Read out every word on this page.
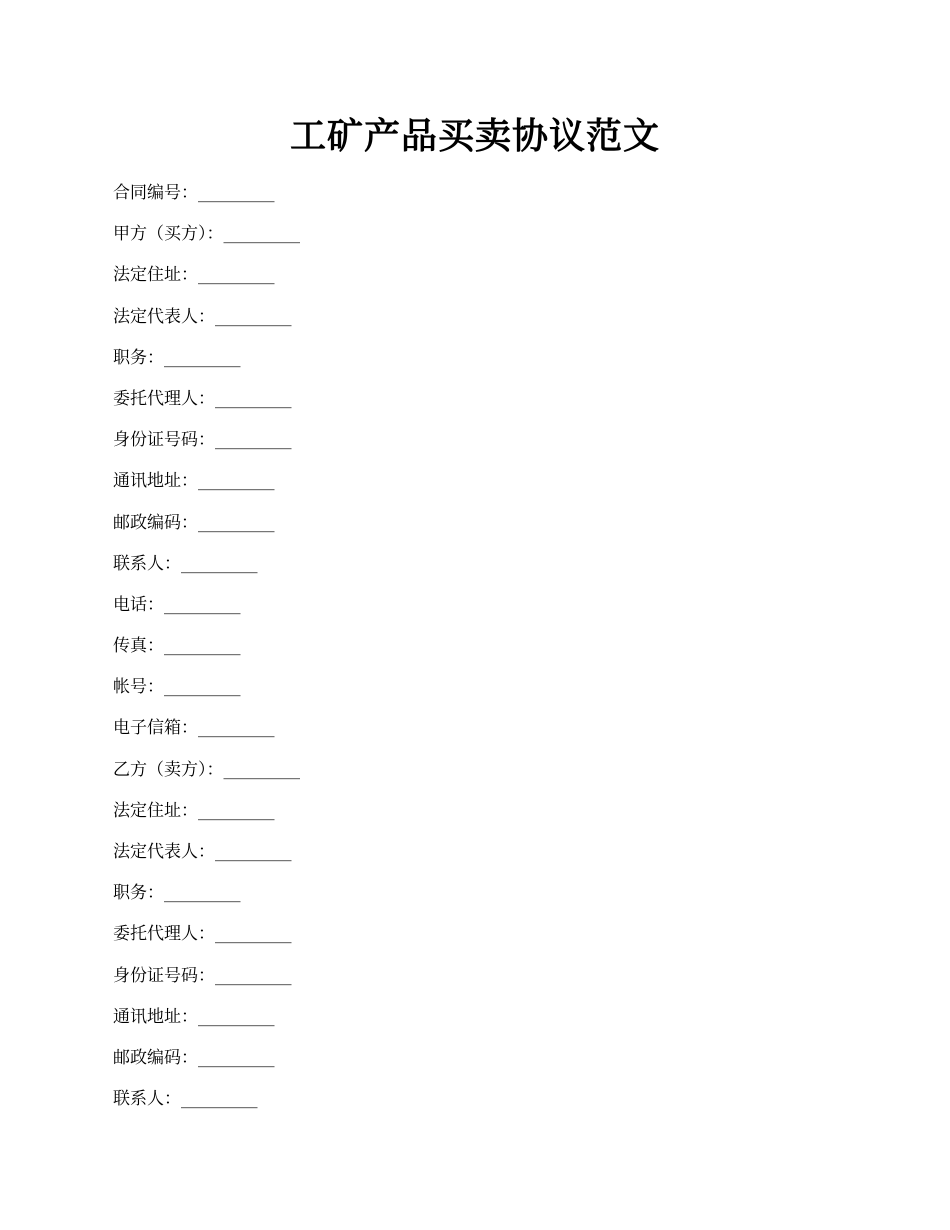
工矿产品买卖协议范文
合同编号：_________
甲方（买方）：_________
法定住址：_________
法定代表人：_________
职务：_________
委托代理人：_________
身份证号码：_________
通讯地址：_________
邮政编码：_________
联系人：_________
电话：_________
传真：_________
帐号：_________
电子信箱：_________
乙方（卖方）：_________
法定住址：_________
法定代表人：_________
职务：_________
委托代理人：_________
身份证号码：_________
通讯地址：_________
邮政编码：_________
联系人：_________
